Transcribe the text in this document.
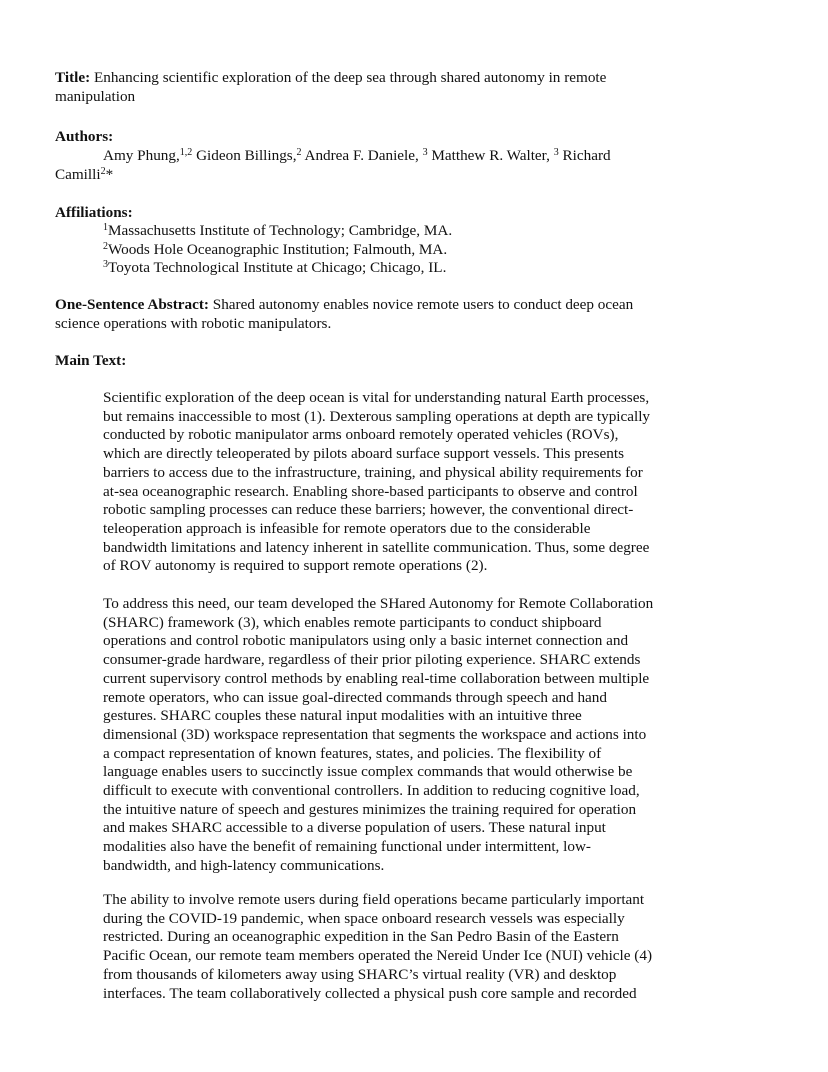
Title: Enhancing scientific exploration of the deep sea through shared autonomy in remote
manipulation
Authors:
Amy Phung,$^{1,2}$ Gideon Billings,$^2$ Andrea F. Daniele, $^3$ Matthew R. Walter, $^3$ Richard
Camilli$^2$*
Affiliations:
$^1$Massachusetts Institute of Technology; Cambridge, MA.
$^2$Woods Hole Oceanographic Institution; Falmouth, MA.
$^3$Toyota Technological Institute at Chicago; Chicago, IL.
One-Sentence Abstract: Shared autonomy enables novice remote users to conduct deep ocean
science operations with robotic manipulators.
Main Text:
Scientific exploration of the deep ocean is vital for understanding natural Earth processes,
but remains inaccessible to most (1). Dexterous sampling operations at depth are typically
conducted by robotic manipulator arms onboard remotely operated vehicles (ROVs),
which are directly teleoperated by pilots aboard surface support vessels. This presents
barriers to access due to the infrastructure, training, and physical ability requirements for
at-sea oceanographic research. Enabling shore-based participants to observe and control
robotic sampling processes can reduce these barriers; however, the conventional direct-
teleoperation approach is infeasible for remote operators due to the considerable
bandwidth limitations and latency inherent in satellite communication. Thus, some degree
of ROV autonomy is required to support remote operations (2).
To address this need, our team developed the SHared Autonomy for Remote Collaboration
(SHARC) framework (3), which enables remote participants to conduct shipboard
operations and control robotic manipulators using only a basic internet connection and
consumer-grade hardware, regardless of their prior piloting experience. SHARC extends
current supervisory control methods by enabling real-time collaboration between multiple
remote operators, who can issue goal-directed commands through speech and hand
gestures. SHARC couples these natural input modalities with an intuitive three
dimensional (3D) workspace representation that segments the workspace and actions into
a compact representation of known features, states, and policies. The flexibility of
language enables users to succinctly issue complex commands that would otherwise be
difficult to execute with conventional controllers. In addition to reducing cognitive load,
the intuitive nature of speech and gestures minimizes the training required for operation
and makes SHARC accessible to a diverse population of users. These natural input
modalities also have the benefit of remaining functional under intermittent, low-
bandwidth, and high-latency communications.
The ability to involve remote users during field operations became particularly important
during the COVID-19 pandemic, when space onboard research vessels was especially
restricted. During an oceanographic expedition in the San Pedro Basin of the Eastern
Pacific Ocean, our remote team members operated the Nereid Under Ice (NUI) vehicle (4)
from thousands of kilometers away using SHARC’s virtual reality (VR) and desktop
interfaces. The team collaboratively collected a physical push core sample and recorded
